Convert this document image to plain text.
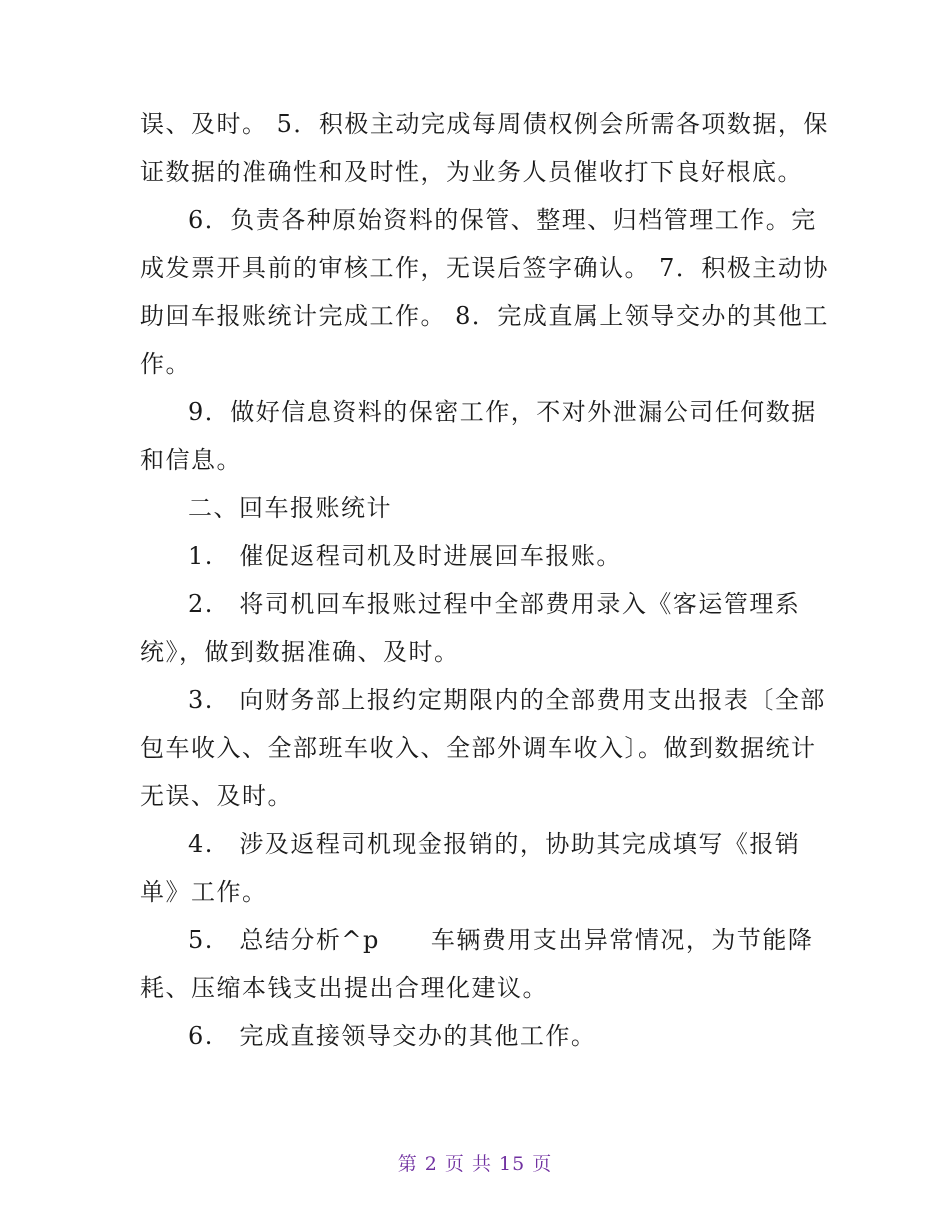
误、及时。 5．积极主动完成每周债权例会所需各项数据，保
证数据的准确性和及时性，为业务人员催收打下良好根底。

6．负责各种原始资料的保管、整理、归档管理工作。完
成发票开具前的审核工作，无误后签字确认。 7．积极主动协
助回车报账统计完成工作。 8．完成直属上领导交办的其他工
作。

9．做好信息资料的保密工作，不对外泄漏公司任何数据
和信息。

二、回车报账统计

1.　催促返程司机及时进展回车报账。

2.　将司机回车报账过程中全部费用录入《客运管理系
统》，做到数据准确、及时。

3.　向财务部上报约定期限内的全部费用支出报表〔全部
包车收入、全部班车收入、全部外调车收入〕。做到数据统计
无误、及时。

4.　涉及返程司机现金报销的，协助其完成填写《报销
单》工作。

5.　总结分析^p　　车辆费用支出异常情况，为节能降
耗、压缩本钱支出提出合理化建议。

6.　完成直接领导交办的其他工作。

第 2 页 共 15 页
